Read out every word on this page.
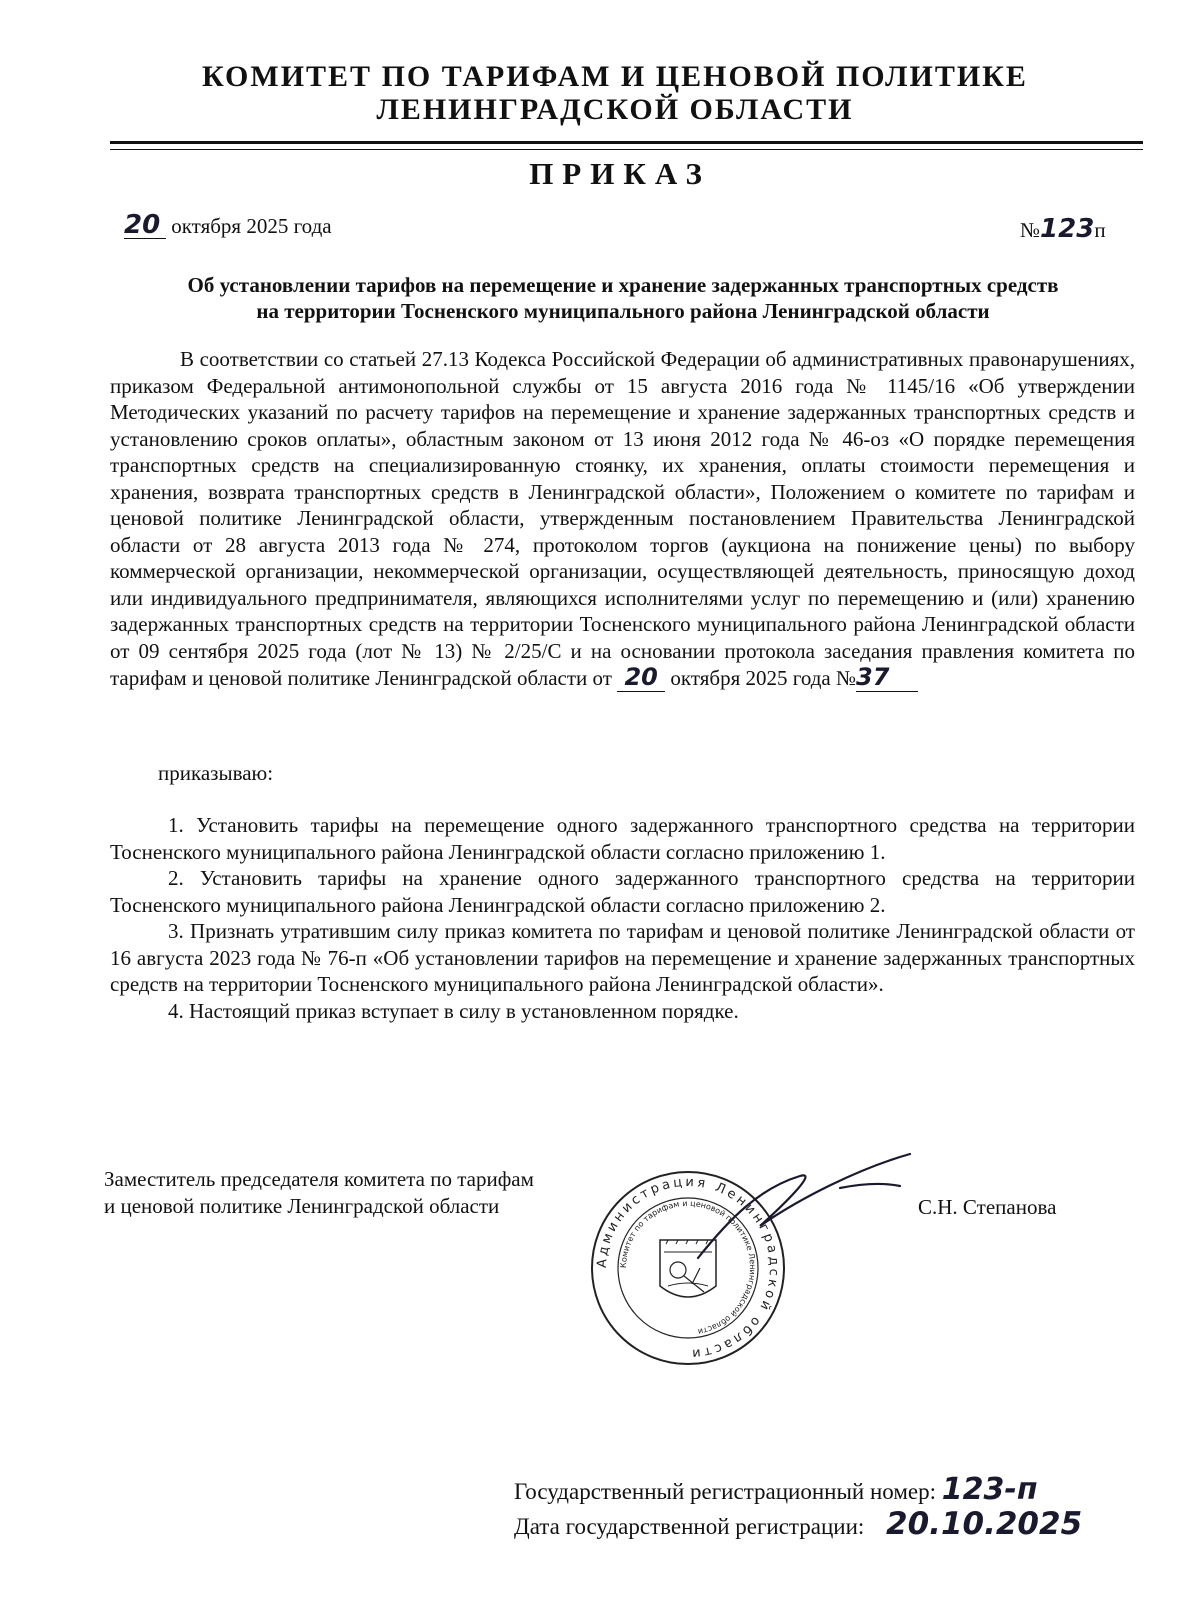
КОМИТЕТ ПО ТАРИФАМ И ЦЕНОВОЙ ПОЛИТИКЕ
ЛЕНИНГРАДСКОЙ ОБЛАСТИ
ПРИКАЗ
20 октября 2025 года	№123п
Об установлении тарифов на перемещение и хранение задержанных транспортных средств
на территории Тосненского муниципального района Ленинградской области

В соответствии со статьей 27.13 Кодекса Российской Федерации об административных правонарушениях, приказом Федеральной антимонопольной службы от 15 августа 2016 года № 1145/16 «Об утверждении Методических указаний по расчету тарифов на перемещение и хранение задержанных транспортных средств и установлению сроков оплаты», областным законом от 13 июня 2012 года № 46-оз «О порядке перемещения транспортных средств на специализированную стоянку, их хранения, оплаты стоимости перемещения и хранения, возврата транспортных средств в Ленинградской области», Положением о комитете по тарифам и ценовой политике Ленинградской области, утвержденным постановлением Правительства Ленинградской области от 28 августа 2013 года № 274, протоколом торгов (аукциона на понижение цены) по выбору коммерческой организации, некоммерческой организации, осуществляющей деятельность, приносящую доход или индивидуального предпринимателя, являющихся исполнителями услуг по перемещению и (или) хранению задержанных транспортных средств на территории Тосненского муниципального района Ленинградской области от 09 сентября 2025 года (лот № 13) № 2/25/С и на основании протокола заседания правления комитета по тарифам и ценовой политике Ленинградской области от 20 октября 2025 года №37

приказываю:

1. Установить тарифы на перемещение одного задержанного транспортного средства на территории Тосненского муниципального района Ленинградской области согласно приложению 1.

2. Установить тарифы на хранение одного задержанного транспортного средства на территории Тосненского муниципального района Ленинградской области согласно приложению 2.

3. Признать утратившим силу приказ комитета по тарифам и ценовой политике Ленинградской области от 16 августа 2023 года № 76-п «Об установлении тарифов на перемещение и хранение задержанных транспортных средств на территории Тосненского муниципального района Ленинградской области».

4. Настоящий приказ вступает в силу в установленном порядке.

Заместитель председателя комитета по тарифам
и ценовой политике Ленинградской области	С.Н. Степанова
Администрация Ленинградской области
Комитет по тарифам и ценовой политике Ленинградской области
Государственный регистрационный номер: 123-п
Дата государственной регистрации: 20.10.2025
